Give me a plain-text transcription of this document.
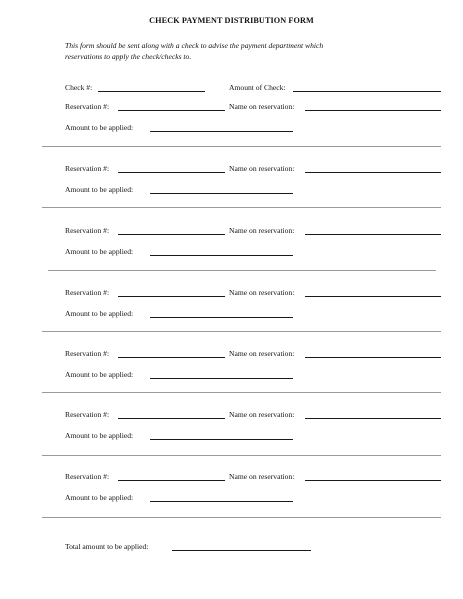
CHECK PAYMENT DISTRIBUTION FORM
This form should be sent along with a check to advise the payment department which
reservations to apply the check/checks to.
Check #:	Amount of Check:
Reservation #:	Name on reservation:
Amount to be applied:
Reservation #:	Name on reservation:
Amount to be applied:
Reservation #:	Name on reservation:
Amount to be applied:
Reservation #:	Name on reservation:
Amount to be applied:
Reservation #:	Name on reservation:
Amount to be applied:
Reservation #:	Name on reservation:
Amount to be applied:
Reservation #:	Name on reservation:
Amount to be applied:
Total amount to be applied:
